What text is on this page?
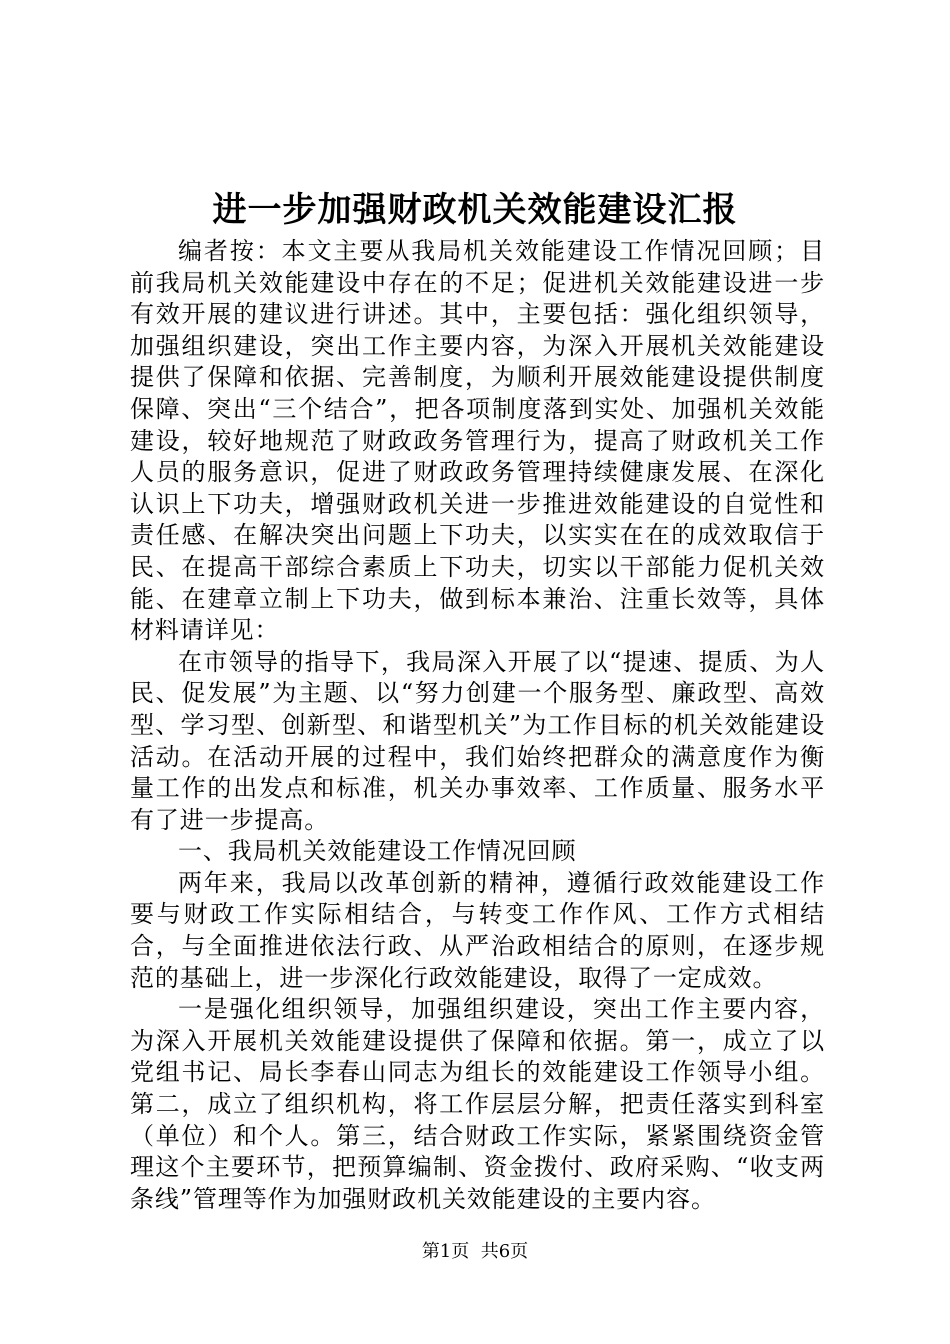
进一步加强财政机关效能建设汇报

编者按：本文主要从我局机关效能建设工作情况回顾；目前我局机关效能建设中存在的不足；促进机关效能建设进一步有效开展的建议进行讲述。其中，主要包括：强化组织领导，加强组织建设，突出工作主要内容，为深入开展机关效能建设提供了保障和依据、完善制度，为顺利开展效能建设提供制度保障、突出“三个结合”，把各项制度落到实处、加强机关效能建设，较好地规范了财政政务管理行为，提高了财政机关工作人员的服务意识，促进了财政政务管理持续健康发展、在深化认识上下功夫，增强财政机关进一步推进效能建设的自觉性和责任感、在解决突出问题上下功夫，以实实在在的成效取信于民、在提高干部综合素质上下功夫，切实以干部能力促机关效能、在建章立制上下功夫，做到标本兼治、注重长效等，具体材料请详见：

在市领导的指导下，我局深入开展了以“提速、提质、为人民、促发展”为主题、以“努力创建一个服务型、廉政型、高效型、学习型、创新型、和谐型机关”为工作目标的机关效能建设活动。在活动开展的过程中，我们始终把群众的满意度作为衡量工作的出发点和标准，机关办事效率、工作质量、服务水平有了进一步提高。

一、我局机关效能建设工作情况回顾

两年来，我局以改革创新的精神，遵循行政效能建设工作要与财政工作实际相结合，与转变工作作风、工作方式相结合，与全面推进依法行政、从严治政相结合的原则，在逐步规范的基础上，进一步深化行政效能建设，取得了一定成效。

一是强化组织领导，加强组织建设，突出工作主要内容，为深入开展机关效能建设提供了保障和依据。第一，成立了以党组书记、局长李春山同志为组长的效能建设工作领导小组。第二，成立了组织机构，将工作层层分解，把责任落实到科室（单位）和个人。第三，结合财政工作实际，紧紧围绕资金管理这个主要环节，把预算编制、资金拨付、政府采购、“收支两条线”管理等作为加强财政机关效能建设的主要内容。

第1页 共6页
